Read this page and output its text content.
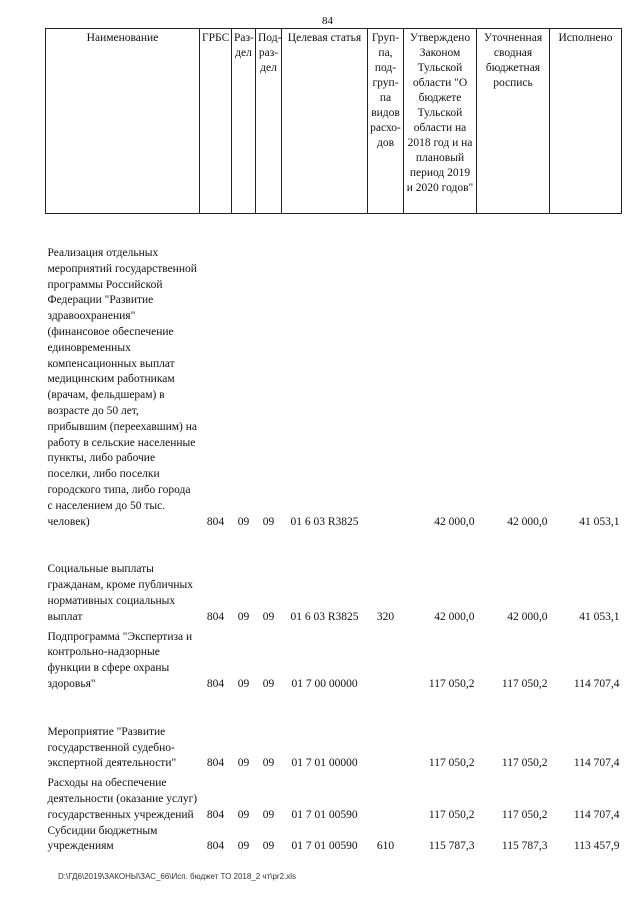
84
Наименование	ГРБС	Раз-дел	Под-раз-дел	Целевая статья	Груп-па, под-груп-па видов расхо-дов	Утверждено Законом Тульской области "О бюджете Тульской области на 2018 год и на плановый период 2019 и 2020 годов"	Уточненная сводная бюджетная роспись	Исполнено

Реализация отдельных мероприятий государственной программы Российской Федерации "Развитие здравоохранения" (финансовое обеспечение единовременных компенсационных выплат медицинским работникам (врачам, фельдшерам) в возрасте до 50 лет, прибывшим (переехавшим) на работу в сельские населенные пункты, либо рабочие поселки, либо поселки городского типа, либо города с населением до 50 тыс. человек)	804	09	09	01 6 03 R3825		42 000,0	42 000,0	41 053,1

Социальные выплаты гражданам, кроме публичных нормативных социальных выплат	804	09	09	01 6 03 R3825	320	42 000,0	42 000,0	41 053,1

Подпрограмма "Экспертиза и контрольно-надзорные функции в сфере охраны здоровья"	804	09	09	01 7 00 00000		117 050,2	117 050,2	114 707,4

Мероприятие "Развитие государственной судебно-экспертной деятельности"	804	09	09	01 7 01 00000		117 050,2	117 050,2	114 707,4

Расходы на обеспечение деятельности (оказание услуг) государственных учреждений	804	09	09	01 7 01 00590		117 050,2	117 050,2	114 707,4
Субсидии бюджетным учреждениям	804	09	09	01 7 01 00590	610	115 787,3	115 787,3	113 457,9
D:\ГД6\2019\ЗАКОНЫ\ЗАС_66\Исп. бюджет ТО 2018_2 чт\pr2.xls
